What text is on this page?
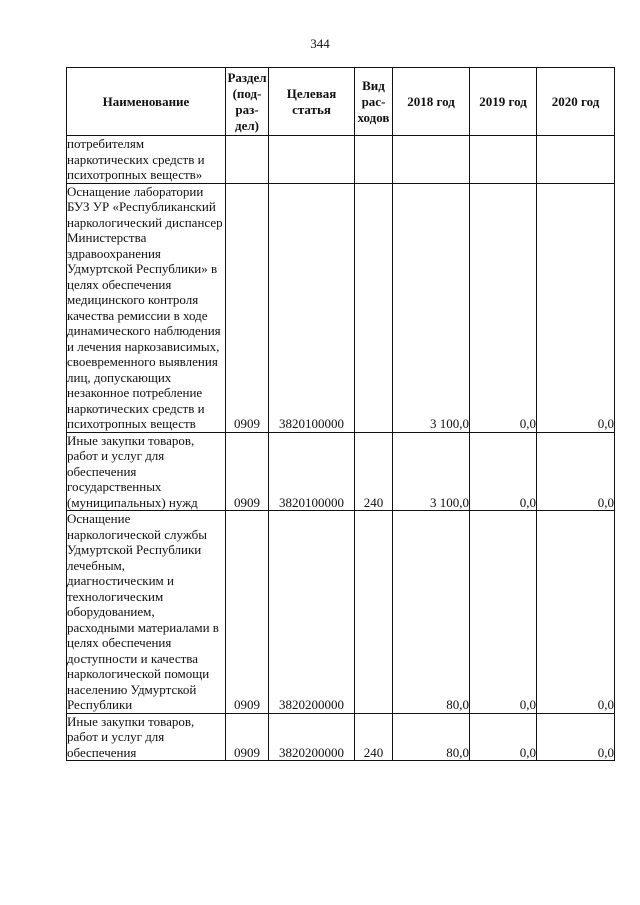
344
Наименование	Раздел (под-раз-дел)	Целевая статья	Вид рас-ходов	2018 год	2019 год	2020 год
потребителям наркотических средств и психотропных веществ»						
Оснащение лаборатории БУЗ УР «Республиканский наркологический диспансер Министерства здравоохранения Удмуртской Республики» в целях обеспечения медицинского контроля качества ремиссии в ходе динамического наблюдения и лечения наркозависимых, своевременного выявления лиц, допускающих незаконное потребление наркотических средств и психотропных веществ	0909	3820100000		3 100,0	0,0	0,0
Иные закупки товаров, работ и услуг для обеспечения государственных (муниципальных) нужд	0909	3820100000	240	3 100,0	0,0	0,0
Оснащение наркологической службы Удмуртской Республики лечебным, диагностическим и технологическим оборудованием, расходными материалами в целях обеспечения доступности и качества наркологической помощи населению Удмуртской Республики	0909	3820200000		80,0	0,0	0,0
Иные закупки товаров, работ и услуг для обеспечения	0909	3820200000	240	80,0	0,0	0,0
